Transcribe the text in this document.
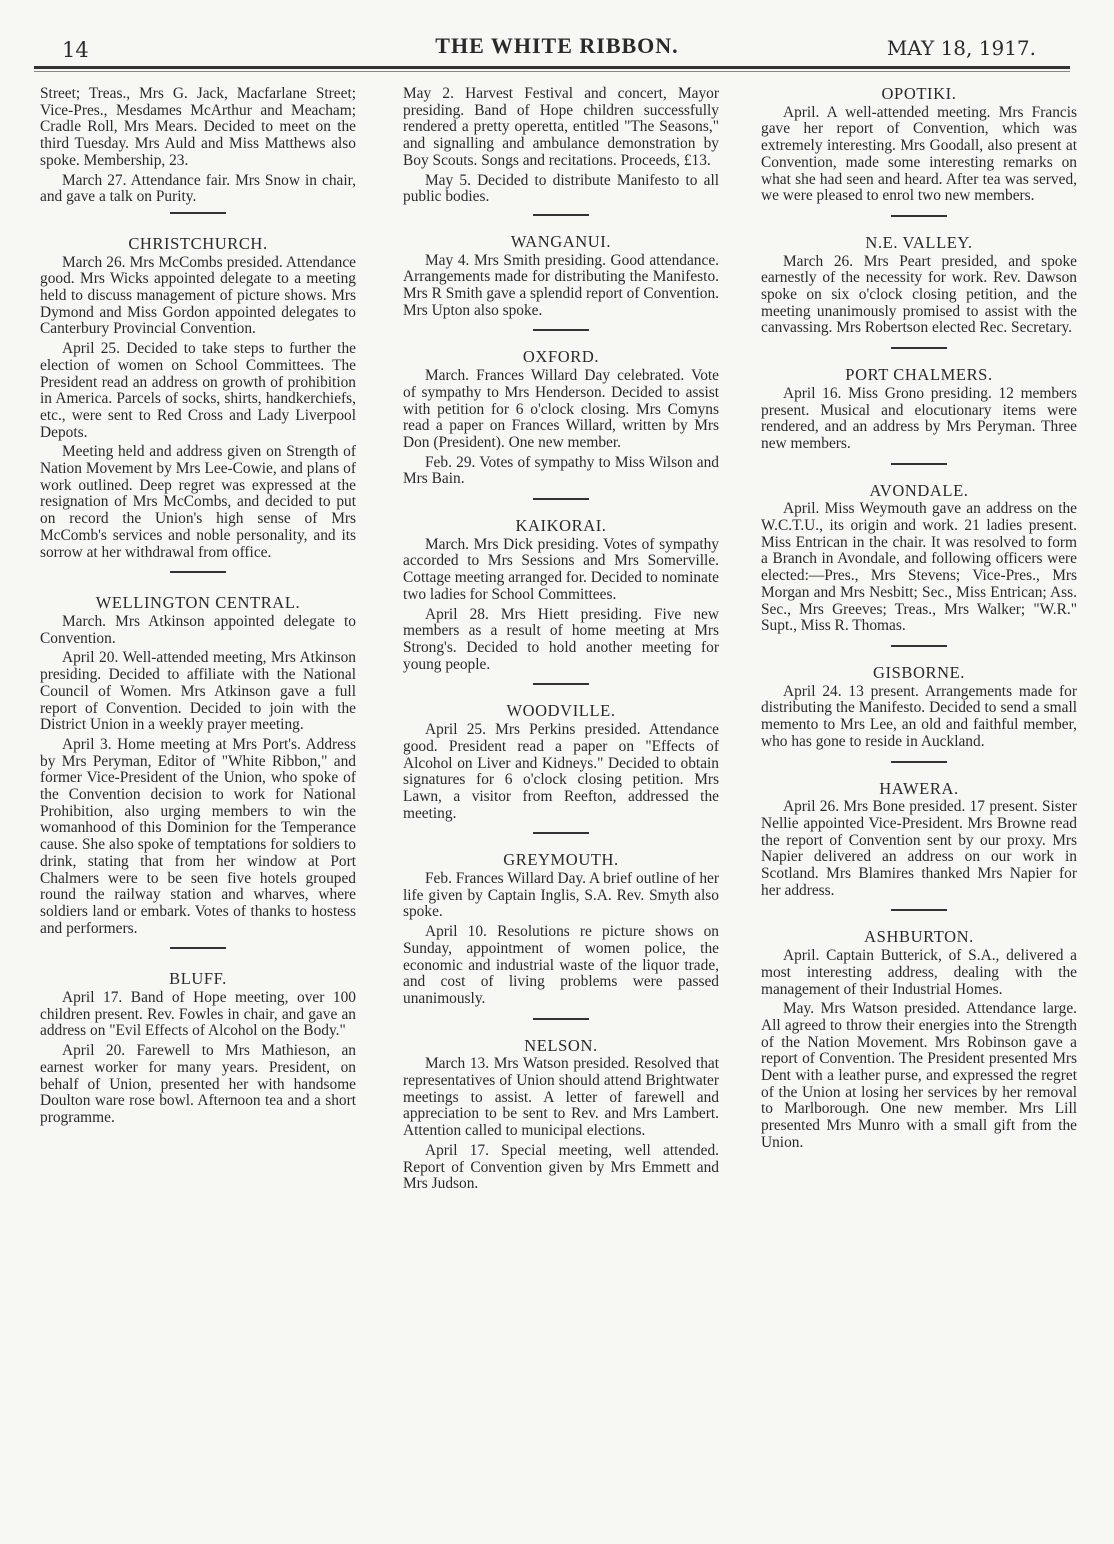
14	THE WHITE RIBBON.	MAY 18, 1917.

Street; Treas., Mrs G. Jack, Macfarlane Street; Vice-Pres., Mesdames McArthur and Meacham; Cradle Roll, Mrs Mears. Decided to meet on the third Tuesday. Mrs Auld and Miss Matthews also spoke. Membership, 23.

March 27. Attendance fair. Mrs Snow in chair, and gave a talk on Purity.

CHRISTCHURCH.

March 26. Mrs McCombs presided. Attendance good. Mrs Wicks appointed delegate to a meeting held to discuss management of picture shows. Mrs Dymond and Miss Gordon appointed delegates to Canterbury Provincial Convention.

April 25. Decided to take steps to further the election of women on School Committees. The President read an address on growth of prohibition in America. Parcels of socks, shirts, handkerchiefs, etc., were sent to Red Cross and Lady Liverpool Depots.

Meeting held and address given on Strength of Nation Movement by Mrs Lee-Cowie, and plans of work outlined. Deep regret was expressed at the resignation of Mrs McCombs, and decided to put on record the Union's high sense of Mrs McComb's services and noble personality, and its sorrow at her withdrawal from office.

WELLINGTON CENTRAL.

March. Mrs Atkinson appointed delegate to Convention.

April 20. Well-attended meeting, Mrs Atkinson presiding. Decided to affiliate with the National Council of Women. Mrs Atkinson gave a full report of Convention. Decided to join with the District Union in a weekly prayer meeting.

April 3. Home meeting at Mrs Port's. Address by Mrs Peryman, Editor of "White Ribbon," and former Vice-President of the Union, who spoke of the Convention decision to work for National Prohibition, also urging members to win the womanhood of this Dominion for the Temperance cause. She also spoke of temptations for soldiers to drink, stating that from her window at Port Chalmers were to be seen five hotels grouped round the railway station and wharves, where soldiers land or embark. Votes of thanks to hostess and performers.

BLUFF.

April 17. Band of Hope meeting, over 100 children present. Rev. Fowles in chair, and gave an address on "Evil Effects of Alcohol on the Body."

April 20. Farewell to Mrs Mathieson, an earnest worker for many years. President, on behalf of Union, presented her with handsome Doulton ware rose bowl. Afternoon tea and a short programme.

May 2. Harvest Festival and concert, Mayor presiding. Band of Hope children successfully rendered a pretty operetta, entitled "The Seasons," and signalling and ambulance demonstration by Boy Scouts. Songs and recitations. Proceeds, £13.

May 5. Decided to distribute Manifesto to all public bodies.

WANGANUI.

May 4. Mrs Smith presiding. Good attendance. Arrangements made for distributing the Manifesto. Mrs R Smith gave a splendid report of Convention. Mrs Upton also spoke.

OXFORD.

March. Frances Willard Day celebrated. Vote of sympathy to Mrs Henderson. Decided to assist with petition for 6 o'clock closing. Mrs Comyns read a paper on Frances Willard, written by Mrs Don (President). One new member.

Feb. 29. Votes of sympathy to Miss Wilson and Mrs Bain.

KAIKORAI.

March. Mrs Dick presiding. Votes of sympathy accorded to Mrs Sessions and Mrs Somerville. Cottage meeting arranged for. Decided to nominate two ladies for School Committees.

April 28. Mrs Hiett presiding. Five new members as a result of home meeting at Mrs Strong's. Decided to hold another meeting for young people.

WOODVILLE.

April 25. Mrs Perkins presided. Attendance good. President read a paper on "Effects of Alcohol on Liver and Kidneys." Decided to obtain signatures for 6 o'clock closing petition. Mrs Lawn, a visitor from Reefton, addressed the meeting.

GREYMOUTH.

Feb. Frances Willard Day. A brief outline of her life given by Captain Inglis, S.A. Rev. Smyth also spoke.

April 10. Resolutions re picture shows on Sunday, appointment of women police, the economic and industrial waste of the liquor trade, and cost of living problems were passed unanimously.

NELSON.

March 13. Mrs Watson presided. Resolved that representatives of Union should attend Brightwater meetings to assist. A letter of farewell and appreciation to be sent to Rev. and Mrs Lambert. Attention called to municipal elections.

April 17. Special meeting, well attended. Report of Convention given by Mrs Emmett and Mrs Judson.

OPOTIKI.

April. A well-attended meeting. Mrs Francis gave her report of Convention, which was extremely interesting. Mrs Goodall, also present at Convention, made some interesting remarks on what she had seen and heard. After tea was served, we were pleased to enrol two new members.

N.E. VALLEY.

March 26. Mrs Peart presided, and spoke earnestly of the necessity for work. Rev. Dawson spoke on six o'clock closing petition, and the meeting unanimously promised to assist with the canvassing. Mrs Robertson elected Rec. Secretary.

PORT CHALMERS.

April 16. Miss Grono presiding. 12 members present. Musical and elocutionary items were rendered, and an address by Mrs Peryman. Three new members.

AVONDALE.

April. Miss Weymouth gave an address on the W.C.T.U., its origin and work. 21 ladies present. Miss Entrican in the chair. It was resolved to form a Branch in Avondale, and following officers were elected:—Pres., Mrs Stevens; Vice-Pres., Mrs Morgan and Mrs Nesbitt; Sec., Miss Entrican; Ass. Sec., Mrs Greeves; Treas., Mrs Walker; "W.R." Supt., Miss R. Thomas.

GISBORNE.

April 24. 13 present. Arrangements made for distributing the Manifesto. Decided to send a small memento to Mrs Lee, an old and faithful member, who has gone to reside in Auckland.

HAWERA.

April 26. Mrs Bone presided. 17 present. Sister Nellie appointed Vice-President. Mrs Browne read the report of Convention sent by our proxy. Mrs Napier delivered an address on our work in Scotland. Mrs Blamires thanked Mrs Napier for her address.

ASHBURTON.

April. Captain Butterick, of S.A., delivered a most interesting address, dealing with the management of their Industrial Homes.

May. Mrs Watson presided. Attendance large. All agreed to throw their energies into the Strength of the Nation Movement. Mrs Robinson gave a report of Convention. The President presented Mrs Dent with a leather purse, and expressed the regret of the Union at losing her services by her removal to Marlborough. One new member. Mrs Lill presented Mrs Munro with a small gift from the Union.
